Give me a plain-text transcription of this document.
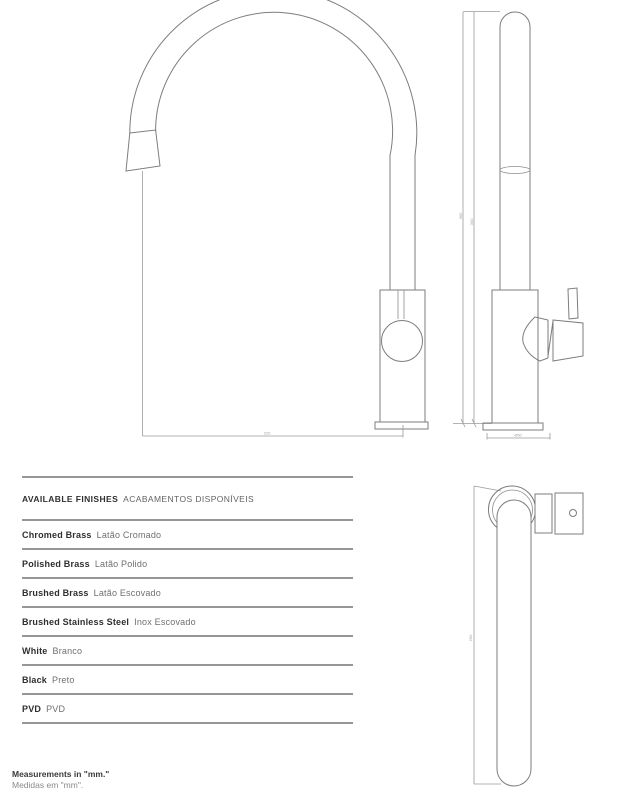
220
360
300
Ø50
250
AVAILABLE FINISHES ACABAMENTOS DISPONÍVEIS
Chromed Brass Latão Cromado
Polished Brass Latão Polido
Brushed Brass Latão Escovado
Brushed Stainless Steel Inox Escovado
White Branco
Black Preto
PVD PVD
Measurements in "mm."
Medidas em "mm".
